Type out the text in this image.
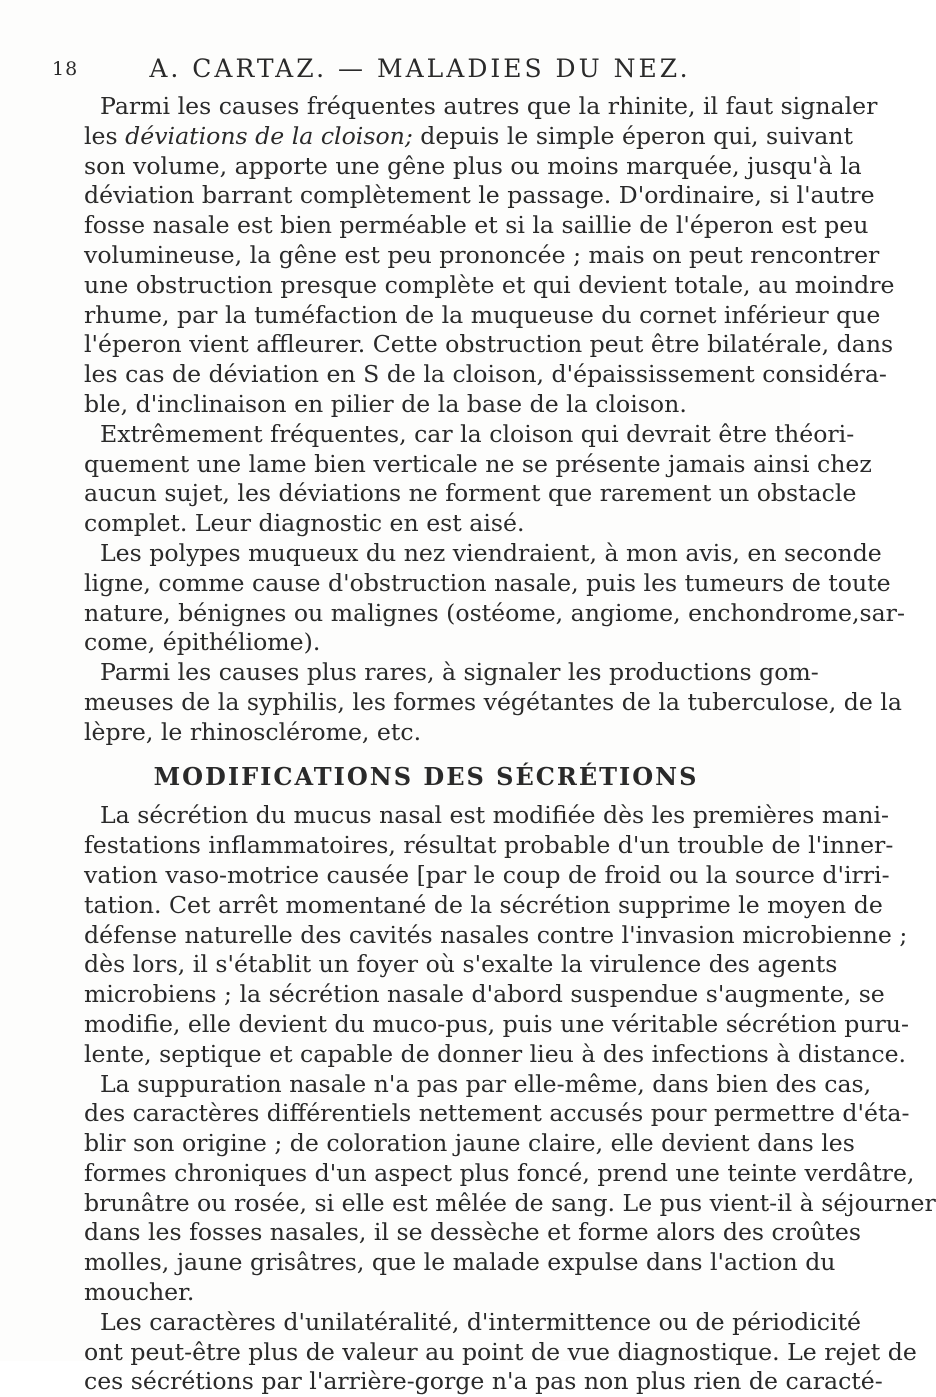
18	A. CARTAZ. — MALADIES DU NEZ.
Parmi les causes fréquentes autres que la rhinite, il faut signaler
les déviations de la cloison; depuis le simple éperon qui, suivant
son volume, apporte une gêne plus ou moins marquée, jusqu'à la
déviation barrant complètement le passage. D'ordinaire, si l'autre
fosse nasale est bien perméable et si la saillie de l'éperon est peu
volumineuse, la gêne est peu prononcée ; mais on peut rencontrer
une obstruction presque complète et qui devient totale, au moindre
rhume, par la tuméfaction de la muqueuse du cornet inférieur que
l'éperon vient affleurer. Cette obstruction peut être bilatérale, dans
les cas de déviation en S de la cloison, d'épaississement considéra-
ble, d'inclinaison en pilier de la base de la cloison.
Extrêmement fréquentes, car la cloison qui devrait être théori-
quement une lame bien verticale ne se présente jamais ainsi chez
aucun sujet, les déviations ne forment que rarement un obstacle
complet. Leur diagnostic en est aisé.
Les polypes muqueux du nez viendraient, à mon avis, en seconde
ligne, comme cause d'obstruction nasale, puis les tumeurs de toute
nature, bénignes ou malignes (ostéome, angiome, enchondrome,sar-
come, épithéliome).
Parmi les causes plus rares, à signaler les productions gom-
meuses de la syphilis, les formes végétantes de la tuberculose, de la
lèpre, le rhinosclérome, etc.
MODIFICATIONS DES SÉCRÉTIONS
La sécrétion du mucus nasal est modifiée dès les premières mani-
festations inflammatoires, résultat probable d'un trouble de l'inner-
vation vaso-motrice causée [par le coup de froid ou la source d'irri-
tation. Cet arrêt momentané de la sécrétion supprime le moyen de
défense naturelle des cavités nasales contre l'invasion microbienne ;
dès lors, il s'établit un foyer où s'exalte la virulence des agents
microbiens ; la sécrétion nasale d'abord suspendue s'augmente, se
modifie, elle devient du muco-pus, puis une véritable sécrétion puru-
lente, septique et capable de donner lieu à des infections à distance.
La suppuration nasale n'a pas par elle-même, dans bien des cas,
des caractères différentiels nettement accusés pour permettre d'éta-
blir son origine ; de coloration jaune claire, elle devient dans les
formes chroniques d'un aspect plus foncé, prend une teinte verdâtre,
brunâtre ou rosée, si elle est mêlée de sang. Le pus vient-il à séjourner
dans les fosses nasales, il se dessèche et forme alors des croûtes
molles, jaune grisâtres, que le malade expulse dans l'action du
moucher.
Les caractères d'unilatéralité, d'intermittence ou de périodicité
ont peut-être plus de valeur au point de vue diagnostique. Le rejet de
ces sécrétions par l'arrière-gorge n'a pas non plus rien de caracté-
